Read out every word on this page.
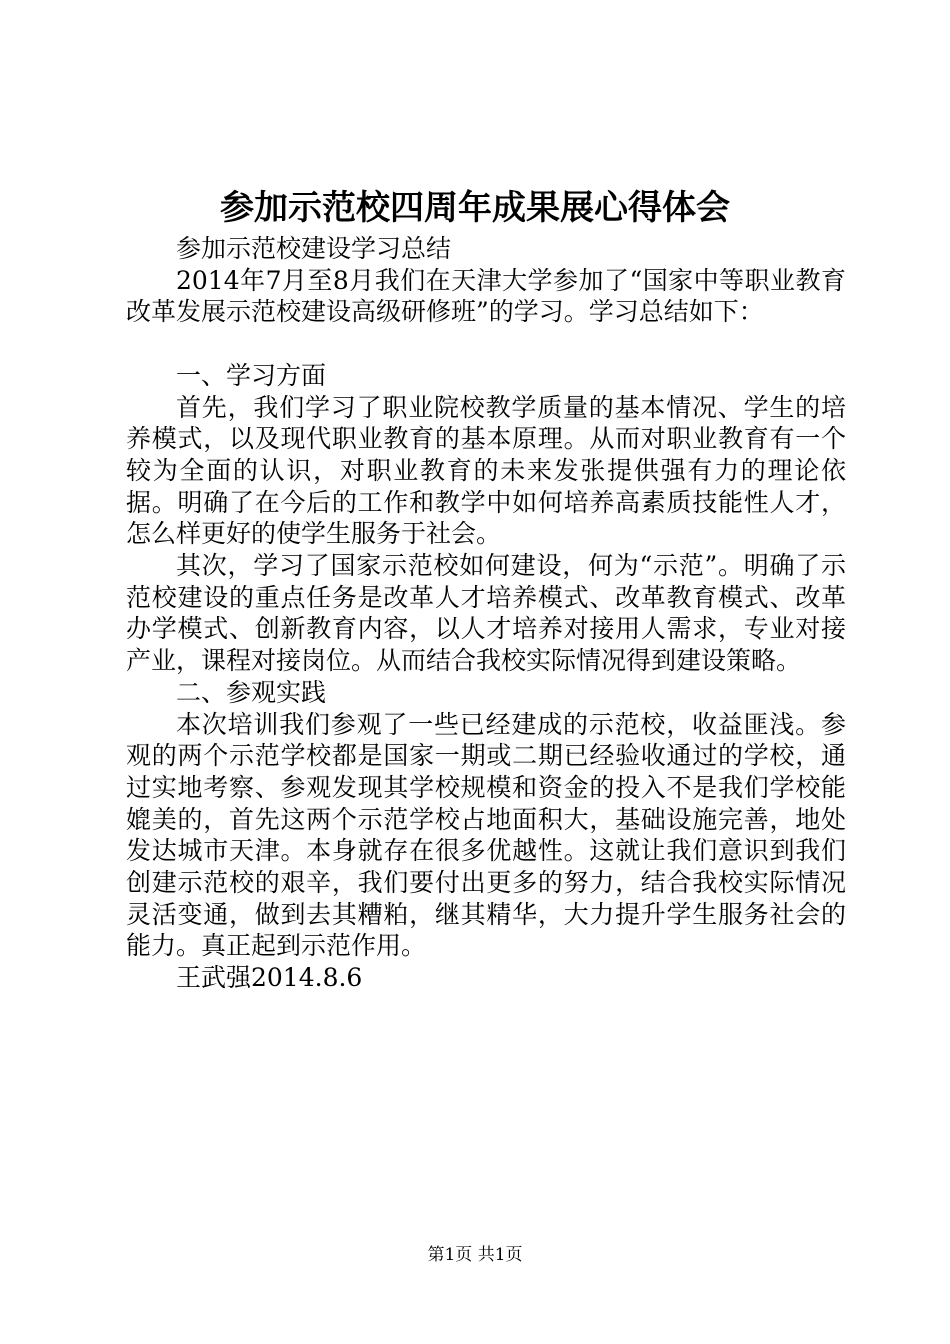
参加示范校四周年成果展心得体会

参加示范校建设学习总结

2014年7月至8月我们在天津大学参加了“国家中等职业教育改革发展示范校建设高级研修班”的学习。学习总结如下：

一、学习方面

首先，我们学习了职业院校教学质量的基本情况、学生的培养模式，以及现代职业教育的基本原理。从而对职业教育有一个较为全面的认识，对职业教育的未来发张提供强有力的理论依据。明确了在今后的工作和教学中如何培养高素质技能性人才，怎么样更好的使学生服务于社会。

其次，学习了国家示范校如何建设，何为“示范”。明确了示范校建设的重点任务是改革人才培养模式、改革教育模式、改革办学模式、创新教育内容，以人才培养对接用人需求，专业对接产业，课程对接岗位。从而结合我校实际情况得到建设策略。

二、参观实践

本次培训我们参观了一些已经建成的示范校，收益匪浅。参观的两个示范学校都是国家一期或二期已经验收通过的学校，通过实地考察、参观发现其学校规模和资金的投入不是我们学校能媲美的，首先这两个示范学校占地面积大，基础设施完善，地处发达城市天津。本身就存在很多优越性。这就让我们意识到我们创建示范校的艰辛，我们要付出更多的努力，结合我校实际情况灵活变通，做到去其糟粕，继其精华，大力提升学生服务社会的能力。真正起到示范作用。

王武强2014.8.6

第1页 共1页
